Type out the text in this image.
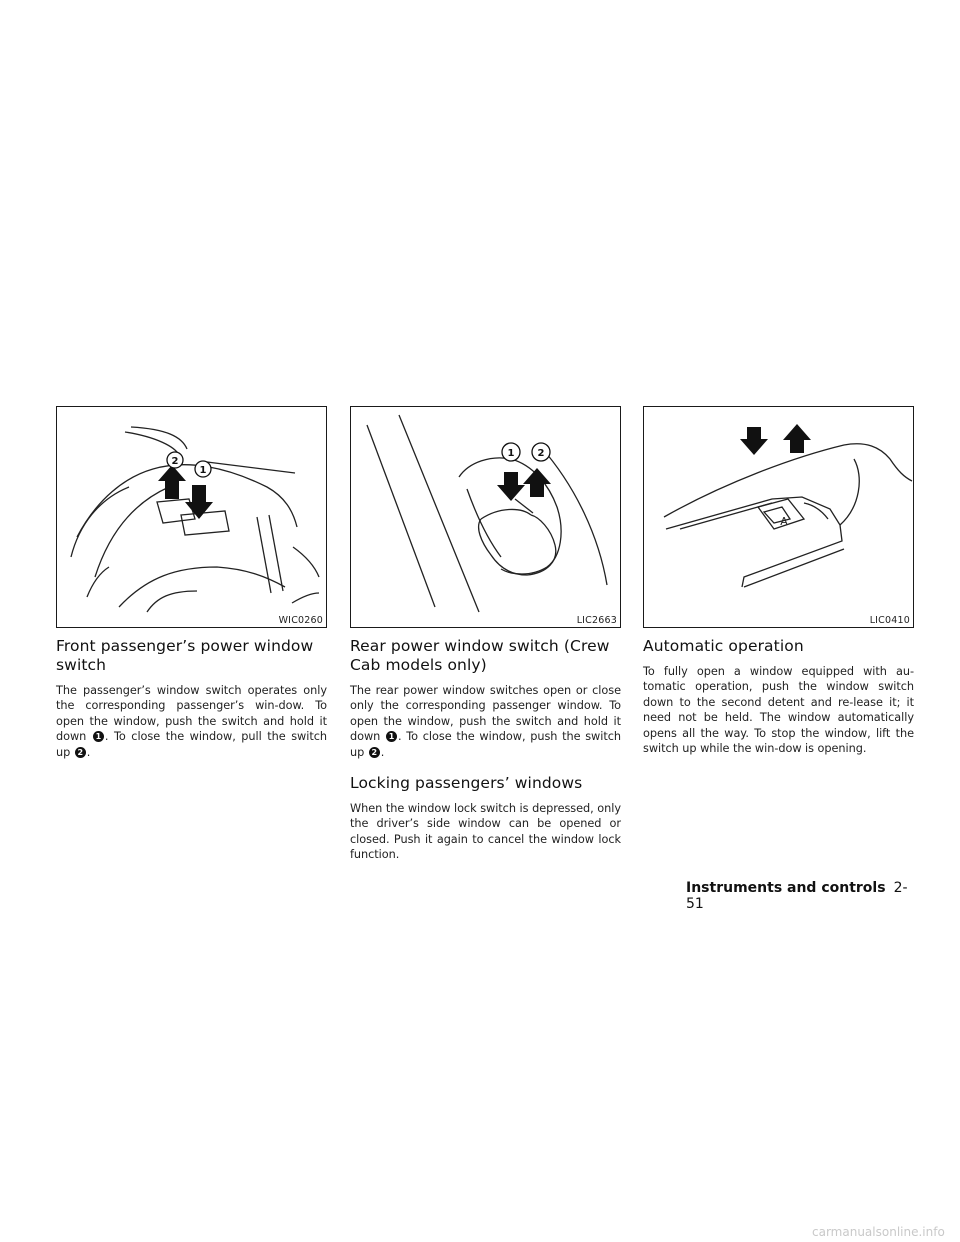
2
1
WIC0260
Front passenger’s power window switch

The passenger’s window switch operates only the corresponding passenger’s win-dow. To open the window, push the switch and hold it down 1 . To close the window, pull the switch up 2 .

1 2
LIC2663
Rear power window switch (Crew Cab models only)

The rear power window switches open or close only the corresponding passenger window. To open the window, push the switch and hold it down 1 . To close the window, push the switch up 2 .

Locking passengers’ windows

When the window lock switch is depressed, only the driver’s side window can be opened or closed. Push it again to cancel the window lock function.

A
LIC0410
Automatic operation

To fully open a window equipped with au-tomatic operation, push the window switch down to the second detent and re-lease it; it need not be held. The window automatically opens all the way. To stop the window, lift the switch up while the win-dow is opening.

Instruments and controls 2-51
carmanualsonline.info
